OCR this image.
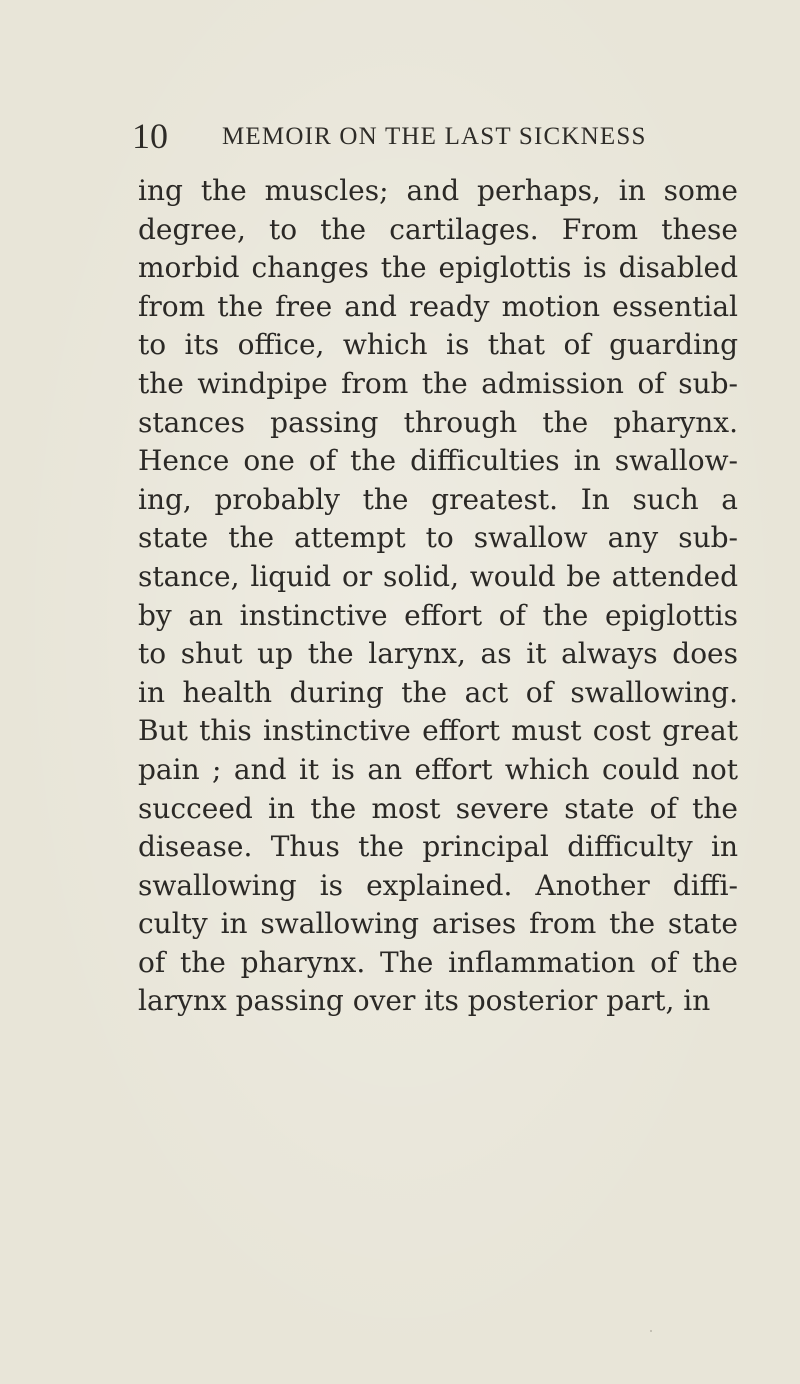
10 MEMOIR ON THE LAST SICKNESS
ing the muscles; and perhaps, in some
degree, to the cartilages. From these
morbid changes the epiglottis is disabled
from the free and ready motion essential
to its office, which is that of guarding
the windpipe from the admission of sub-
stances passing through the pharynx.
Hence one of the difficulties in swallow-
ing, probably the greatest. In such a
state the attempt to swallow any sub-
stance, liquid or solid, would be attended
by an instinctive effort of the epiglottis
to shut up the larynx, as it always does
in health during the act of swallowing.
But this instinctive effort must cost great
pain ; and it is an effort which could not
succeed in the most severe state of the
disease. Thus the principal difficulty in
swallowing is explained. Another diffi-
culty in swallowing arises from the state
of the pharynx. The inflammation of the
larynx passing over its posterior part, in
